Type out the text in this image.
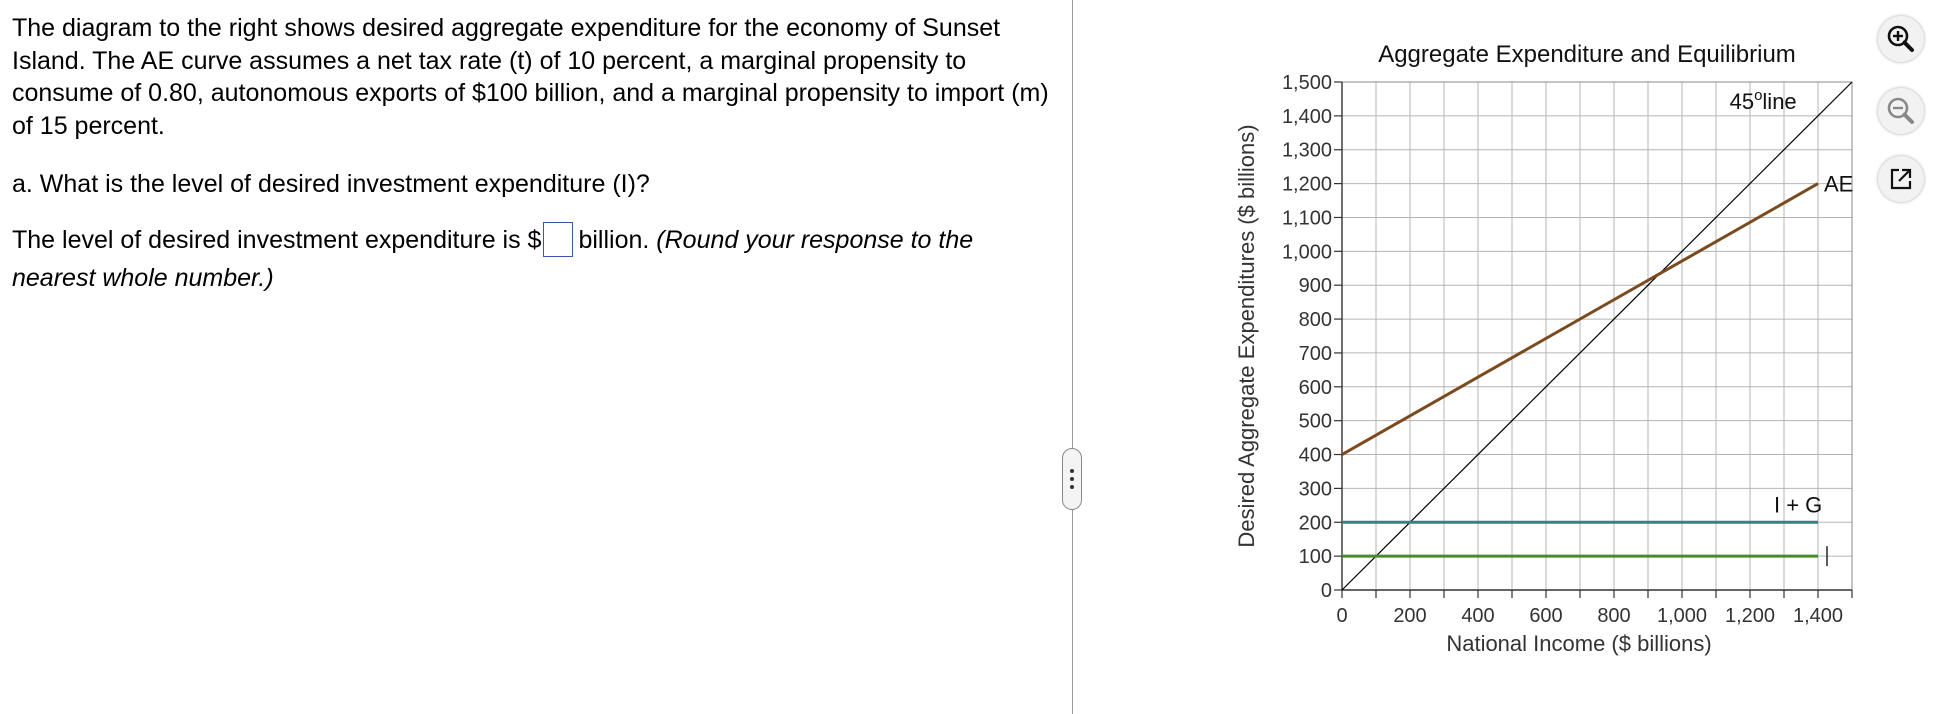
The diagram to the right shows desired aggregate expenditure for the economy of Sunset Island. The AE curve assumes a net tax rate (t) of 10 percent, a marginal propensity to consume of 0.80, autonomous exports of $100 billion, and a marginal propensity to import (m) of 15 percent.

a. What is the level of desired investment expenditure (I)?

The level of desired investment expenditure is $ billion. (Round your response to the nearest whole number.)

Aggregate Expenditure and Equilibrium
0
100
200
300
400
500
600
700
800
900
1,000
1,100
1,200
1,300
1,400
1,500
0 200 400 600 800 1,000 1,200 1,400
National Income ($ billions)
Desired Aggregate Expenditures ($ billions)
45$^o$line
AE
I + G
I
